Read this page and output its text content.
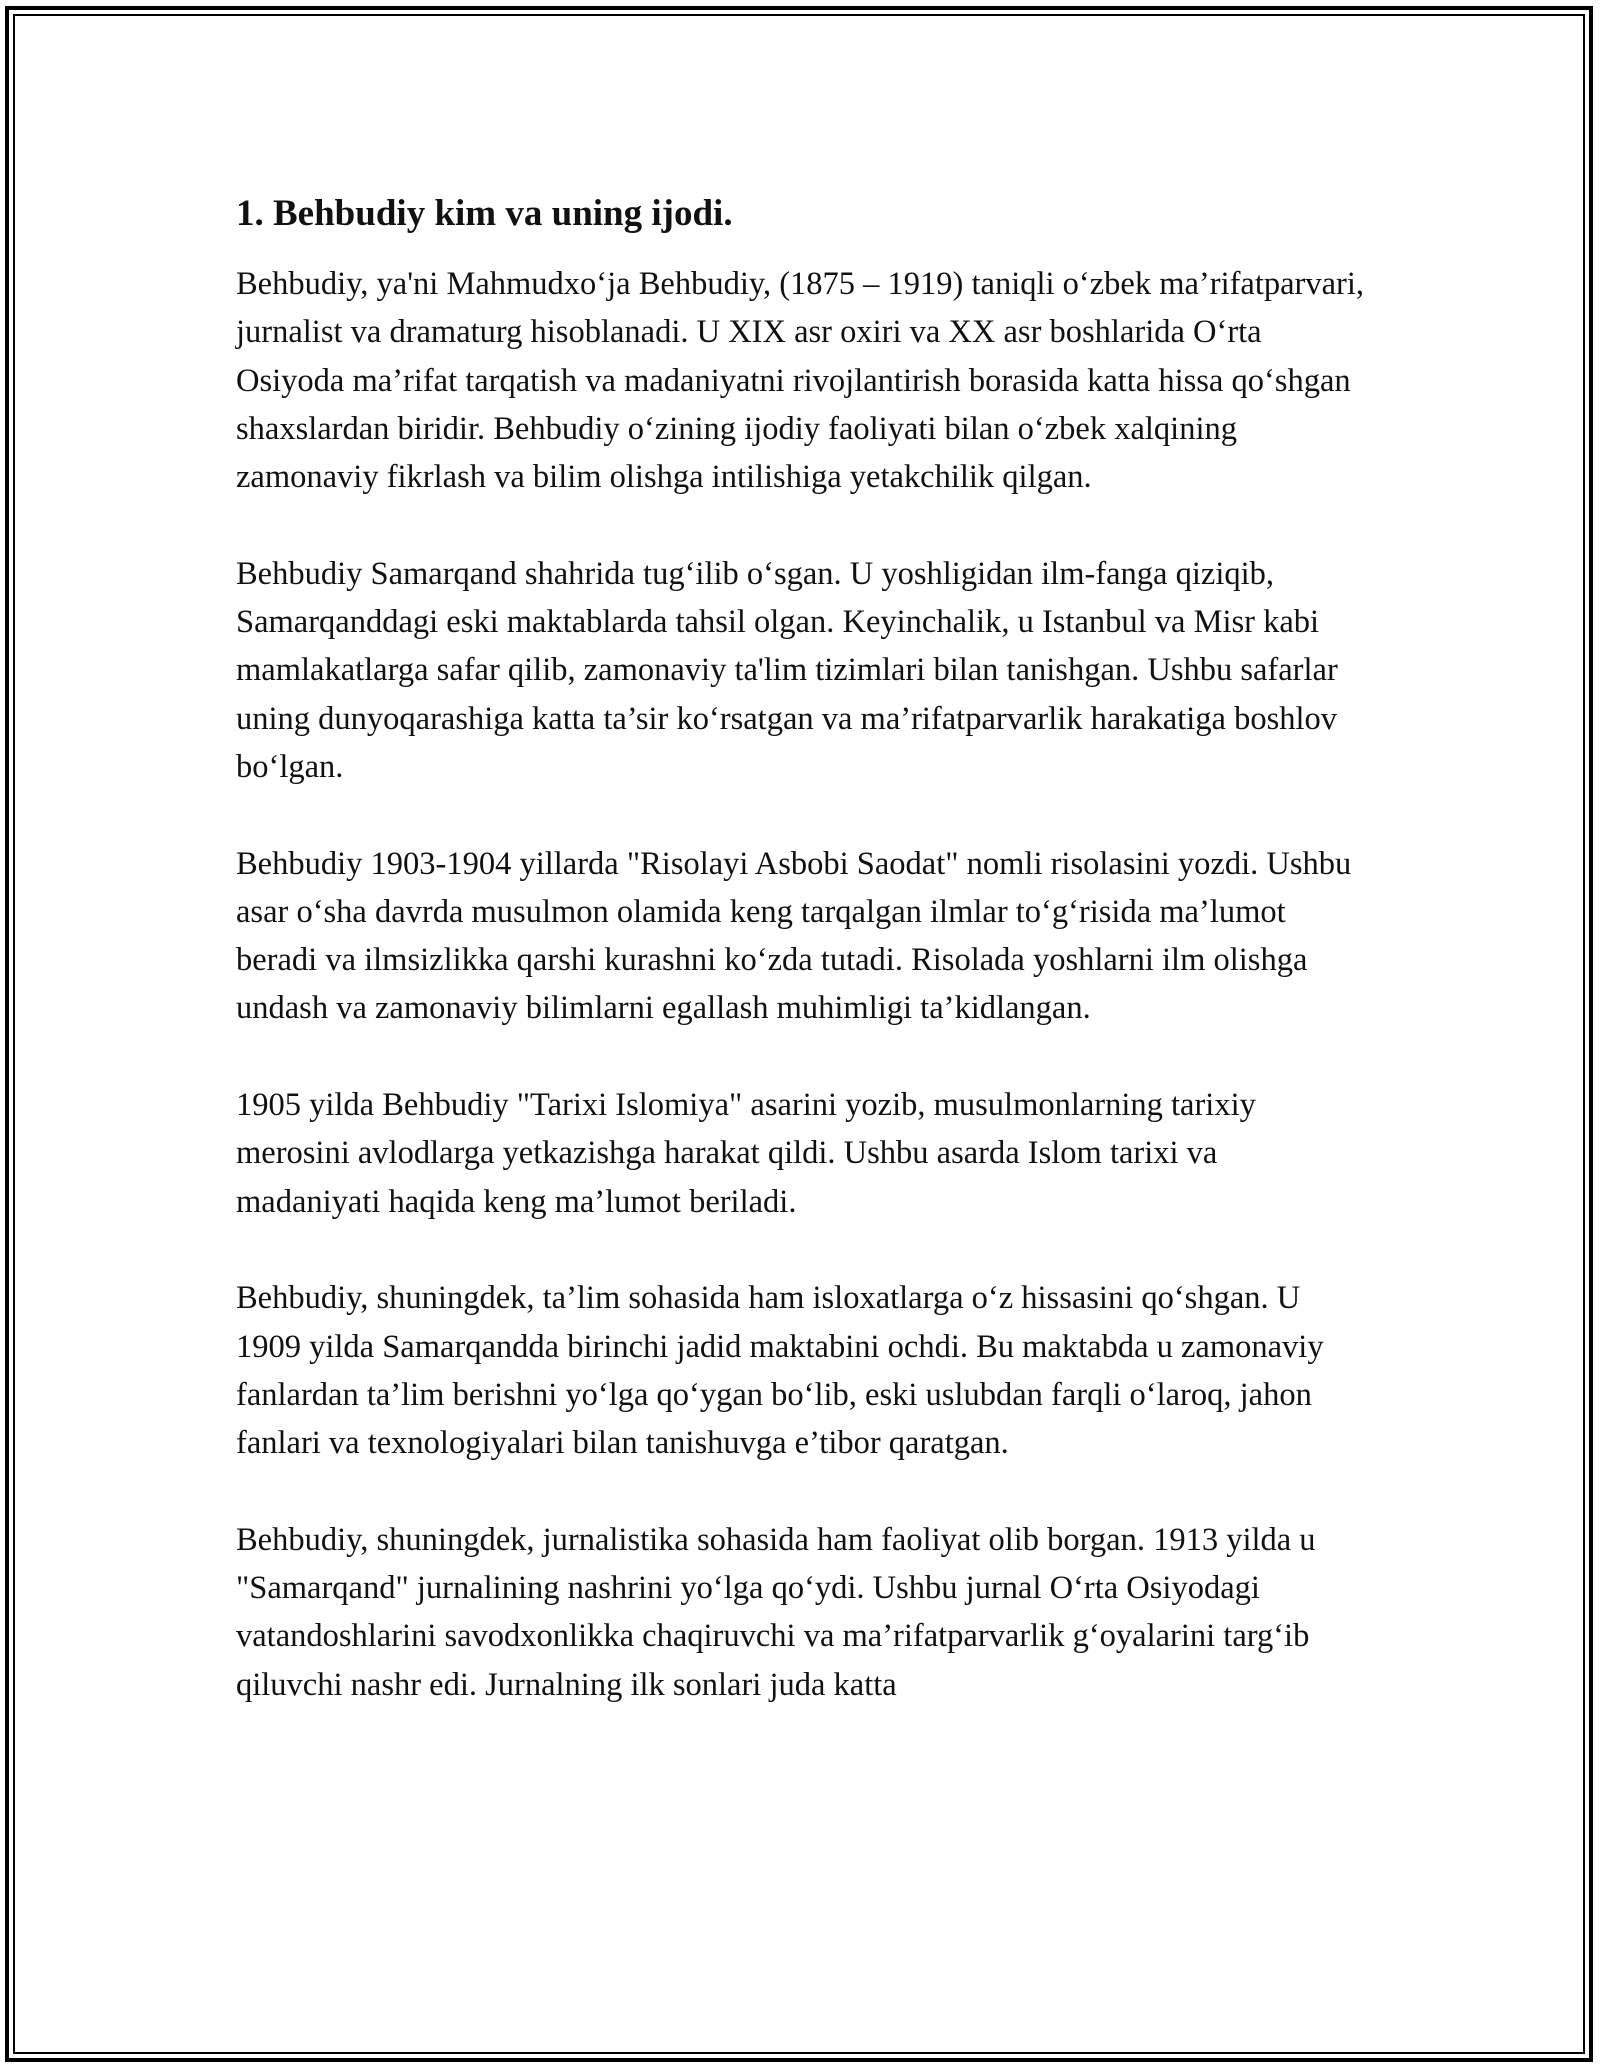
1. Behbudiy kim va uning ijodi.

Behbudiy, ya'ni Mahmudxo‘ja Behbudiy, (1875 – 1919) taniqli o‘zbek ma’rifatparvari, jurnalist va dramaturg hisoblanadi. U XIX asr oxiri va XX asr boshlarida O‘rta Osiyoda ma’rifat tarqatish va madaniyatni rivojlantirish borasida katta hissa qo‘shgan shaxslardan biridir. Behbudiy o‘zining ijodiy faoliyati bilan o‘zbek xalqining zamonaviy fikrlash va bilim olishga intilishiga yetakchilik qilgan.

Behbudiy Samarqand shahrida tug‘ilib o‘sgan. U yoshligidan ilm-fanga qiziqib, Samarqanddagi eski maktablarda tahsil olgan. Keyinchalik, u Istanbul va Misr kabi mamlakatlarga safar qilib, zamonaviy ta'lim tizimlari bilan tanishgan. Ushbu safarlar uning dunyoqarashiga katta ta’sir ko‘rsatgan va ma’rifatparvarlik harakatiga boshlov bo‘lgan.

Behbudiy 1903-1904 yillarda "Risolayi Asbobi Saodat" nomli risolasini yozdi. Ushbu asar o‘sha davrda musulmon olamida keng tarqalgan ilmlar to‘g‘risida ma’lumot beradi va ilmsizlikka qarshi kurashni ko‘zda tutadi. Risolada yoshlarni ilm olishga undash va zamonaviy bilimlarni egallash muhimligi ta’kidlangan.

1905 yilda Behbudiy "Tarixi Islomiya" asarini yozib, musulmonlarning tarixiy merosini avlodlarga yetkazishga harakat qildi. Ushbu asarda Islom tarixi va madaniyati haqida keng ma’lumot beriladi.

Behbudiy, shuningdek, ta’lim sohasida ham isloxatlarga o‘z hissasini qo‘shgan. U 1909 yilda Samarqandda birinchi jadid maktabini ochdi. Bu maktabda u zamonaviy fanlardan ta’lim berishni yo‘lga qo‘ygan bo‘lib, eski uslubdan farqli o‘laroq, jahon fanlari va texnologiyalari bilan tanishuvga e’tibor qaratgan.

Behbudiy, shuningdek, jurnalistika sohasida ham faoliyat olib borgan. 1913 yilda u "Samarqand" jurnalining nashrini yo‘lga qo‘ydi. Ushbu jurnal O‘rta Osiyodagi vatandoshlarini savodxonlikka chaqiruvchi va ma’rifatparvarlik g‘oyalarini targ‘ib qiluvchi nashr edi. Jurnalning ilk sonlari juda katta
